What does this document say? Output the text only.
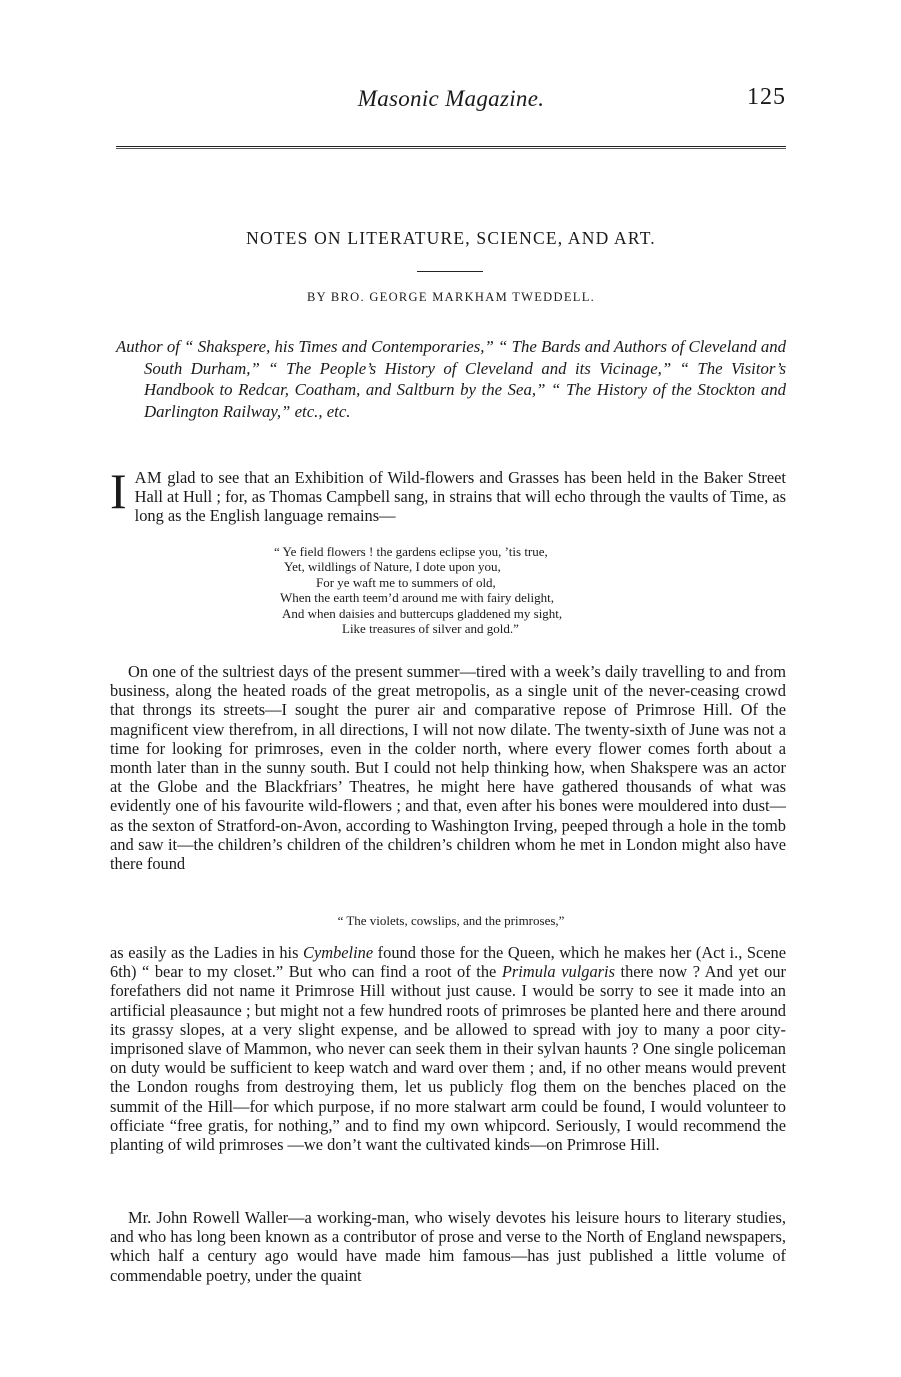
Masonic Magazine.	125
NOTES ON LITERATURE, SCIENCE, AND ART.
BY BRO. GEORGE MARKHAM TWEDDELL.
Author of “ Shakspere, his Times and Contemporaries,” “ The Bards and Authors of Cleveland and South Durham,” “ The People’s History of Cleveland and its Vicinage,” “ The Visitor’s Handbook to Redcar, Coatham, and Saltburn by the Sea,” “ The History of the Stockton and Darlington Railway,” etc., etc.
IAM glad to see that an Exhibition of Wild-flowers and Grasses has been held in the Baker Street Hall at Hull ; for, as Thomas Campbell sang, in strains that will echo through the vaults of Time, as long as the English language remains—
“ Ye field flowers ! the gardens eclipse you, ’tis true,
Yet, wildlings of Nature, I dote upon you,
For ye waft me to summers of old,
When the earth teem’d around me with fairy delight,
And when daisies and buttercups gladdened my sight,
Like treasures of silver and gold.”
On one of the sultriest days of the present summer—tired with a week’s daily travelling to and from business, along the heated roads of the great metropolis, as a single unit of the never-ceasing crowd that throngs its streets—I sought the purer air and comparative repose of Primrose Hill. Of the magnificent view therefrom, in all directions, I will not now dilate. The twenty-sixth of June was not a time for looking for primroses, even in the colder north, where every flower comes forth about a month later than in the sunny south. But I could not help thinking how, when Shakspere was an actor at the Globe and the Blackfriars’ Theatres, he might here have gathered thousands of what was evidently one of his favourite wild-flowers ; and that, even after his bones were mouldered into dust—as the sexton of Stratford-on-Avon, according to Washington Irving, peeped through a hole in the tomb and saw it—the children’s children of the children’s children whom he met in London might also have there found
“ The violets, cowslips, and the primroses,”
as easily as the Ladies in his Cymbeline found those for the Queen, which he makes her (Act i., Scene 6th) “ bear to my closet.” But who can find a root of the Primula vulgaris there now ? And yet our forefathers did not name it Primrose Hill without just cause. I would be sorry to see it made into an artificial pleasaunce ; but might not a few hundred roots of primroses be planted here and there around its grassy slopes, at a very slight expense, and be allowed to spread with joy to many a poor city-imprisoned slave of Mammon, who never can seek them in their sylvan haunts ? One single policeman on duty would be sufficient to keep watch and ward over them ; and, if no other means would prevent the London roughs from destroying them, let us publicly flog them on the benches placed on the summit of the Hill—for which purpose, if no more stalwart arm could be found, I would volunteer to officiate “free gratis, for nothing,” and to find my own whipcord. Seriously, I would recommend the planting of wild primroses —we don’t want the cultivated kinds—on Primrose Hill.
Mr. John Rowell Waller—a working-man, who wisely devotes his leisure hours to literary studies, and who has long been known as a contributor of prose and verse to the North of England newspapers, which half a century ago would have made him famous—has just published a little volume of commendable poetry, under the quaint
